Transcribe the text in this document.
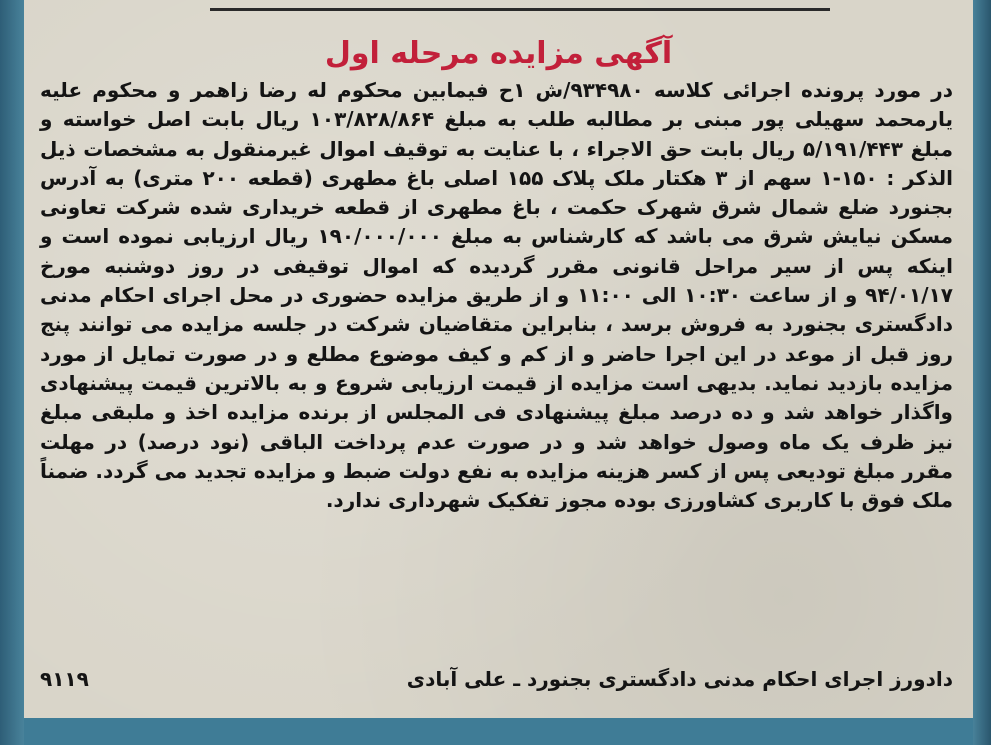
آگهی مزایده مرحله اول

در مورد پرونده اجرائی کلاسه ۹۳۴۹۸۰/ش ۱ح فیمابین محکوم له رضا زاهمر و محکوم علیه یارمحمد سهیلی پور مبنی بر مطالبه طلب به مبلغ ۱۰۳/۸۲۸/۸۶۴ ریال بابت اصل خواسته و مبلغ ۵/۱۹۱/۴۴۳ ریال بابت حق الاجراء ، با عنایت به توقیف اموال غیرمنقول به مشخصات ذیل الذکر : ۱۵۰-۱ سهم از ۳ هکتار ملک پلاک ۱۵۵ اصلی باغ مطهری (قطعه ۲۰۰ متری) به آدرس بجنورد ضلع شمال شرق شهرک حکمت ، باغ مطهری از قطعه خریداری شده شرکت تعاونی مسکن نیایش شرق می باشد که کارشناس به مبلغ ۱۹۰/۰۰۰/۰۰۰ ریال ارزیابی نموده است و اینکه پس از سیر مراحل قانونی مقرر گردیده که اموال توقیفی در روز دوشنبه مورخ ۹۴/۰۱/۱۷ و از ساعت ۱۰:۳۰ الی ۱۱:۰۰ و از طریق مزایده حضوری در محل اجرای احکام مدنی دادگستری بجنورد به فروش برسد ، بنابراین متقاضیان شرکت در جلسه مزایده می توانند پنج روز قبل از موعد در این اجرا حاضر و از کم و کیف موضوع مطلع و در صورت تمایل از مورد مزایده بازدید نماید. بدیهی است مزایده از قیمت ارزیابی شروع و به بالاترین قیمت پیشنهادی واگذار خواهد شد و ده درصد مبلغ پیشنهادی فی المجلس از برنده مزایده اخذ و ملبقی مبلغ نیز ظرف یک ماه وصول خواهد شد و در صورت عدم پرداخت الباقی (نود درصد) در مهلت مقرر مبلغ تودیعی پس از کسر هزینه مزایده به نفع دولت ضبط و مزایده تجدید می گردد. ضمناً ملک فوق با کاربری کشاورزی بوده مجوز تفکیک شهرداری ندارد.

دادورز اجرای احکام مدنی دادگستری بجنورد ـ علی آبادی
۹۱۱۹
